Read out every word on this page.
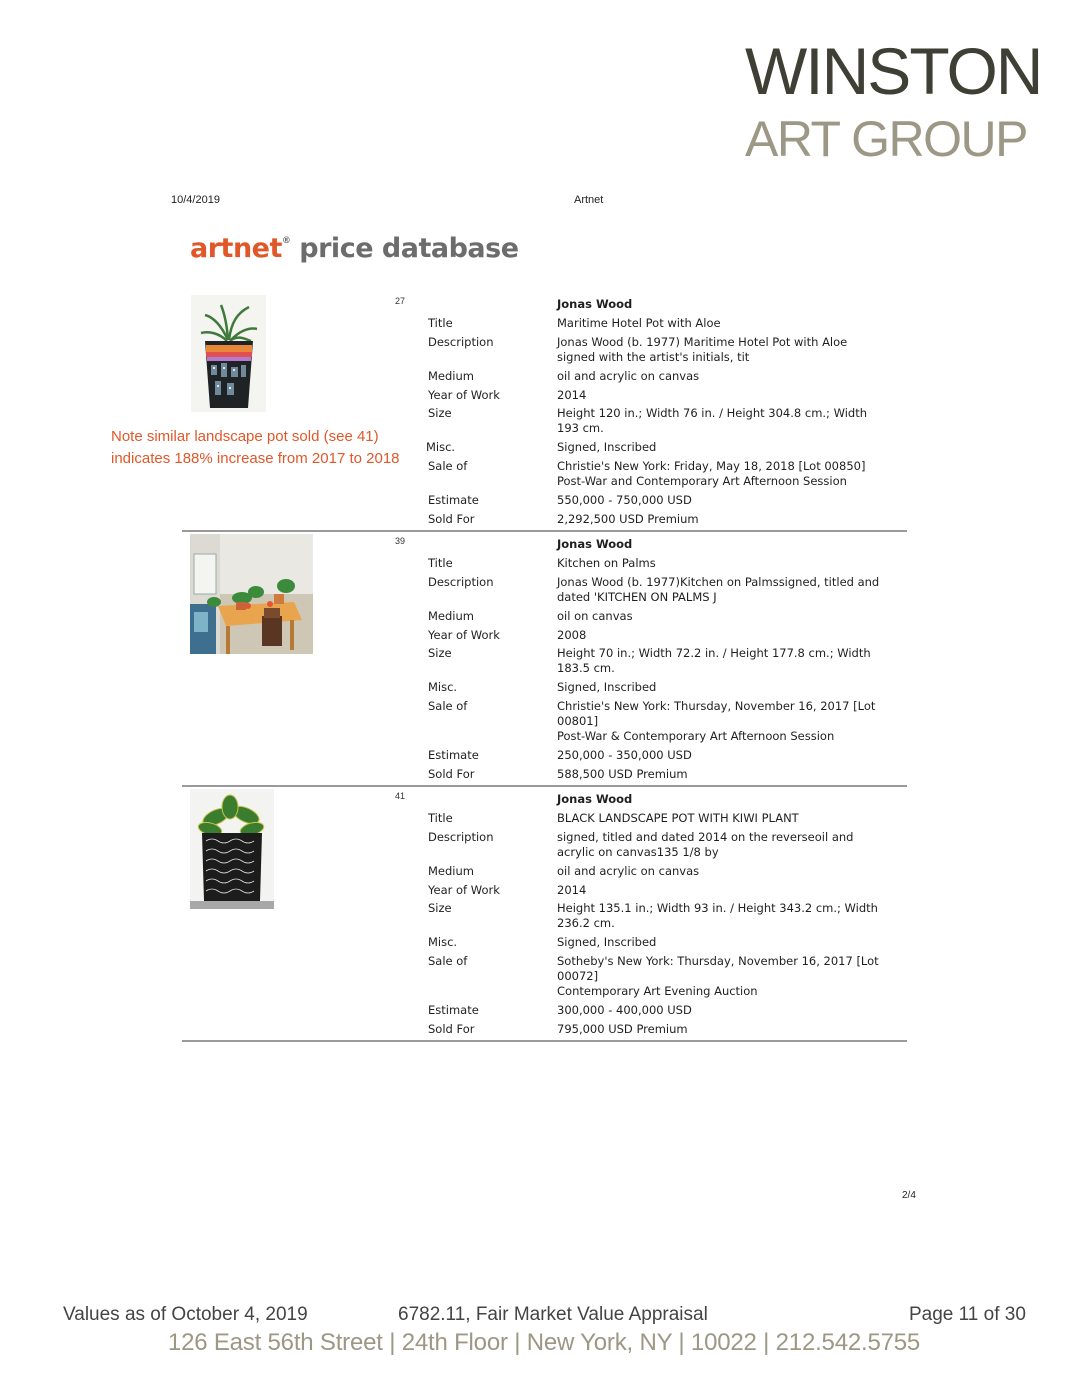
WINSTON
ART GROUP
10/4/2019	Artnet
artnet® price database
Note similar landscape pot sold (see 41)
indicates 188% increase from 2017 to 2018
27	Jonas Wood
Title	Maritime Hotel Pot with Aloe
Description	Jonas Wood (b. 1977) Maritime Hotel Pot with Aloe
signed with the artist's initials, tit
Medium	oil and acrylic on canvas
Year of Work	2014
Size	Height 120 in.; Width 76 in. / Height 304.8 cm.; Width
193 cm.
Misc.	Signed, Inscribed
Sale of	Christie's New York: Friday, May 18, 2018 [Lot 00850]
Post-War and Contemporary Art Afternoon Session
Estimate	550,000 - 750,000 USD
Sold For	2,292,500 USD Premium
39	Jonas Wood
Title	Kitchen on Palms
Description	Jonas Wood (b. 1977)Kitchen on Palmssigned, titled and
dated 'KITCHEN ON PALMS J
Medium	oil on canvas
Year of Work	2008
Size	Height 70 in.; Width 72.2 in. / Height 177.8 cm.; Width
183.5 cm.
Misc.	Signed, Inscribed
Sale of	Christie's New York: Thursday, November 16, 2017 [Lot
00801]
Post-War & Contemporary Art Afternoon Session
Estimate	250,000 - 350,000 USD
Sold For	588,500 USD Premium
41	Jonas Wood
Title	BLACK LANDSCAPE POT WITH KIWI PLANT
Description	signed, titled and dated 2014 on the reverseoil and
acrylic on canvas135 1/8 by
Medium	oil and acrylic on canvas
Year of Work	2014
Size	Height 135.1 in.; Width 93 in. / Height 343.2 cm.; Width
236.2 cm.
Misc.	Signed, Inscribed
Sale of	Sotheby's New York: Thursday, November 16, 2017 [Lot
00072]
Contemporary Art Evening Auction
Estimate	300,000 - 400,000 USD
Sold For	795,000 USD Premium
2/4
Values as of October 4, 2019	6782.11, Fair Market Value Appraisal	Page 11 of 30
126 East 56th Street | 24th Floor | New York, NY | 10022 | 212.542.5755
